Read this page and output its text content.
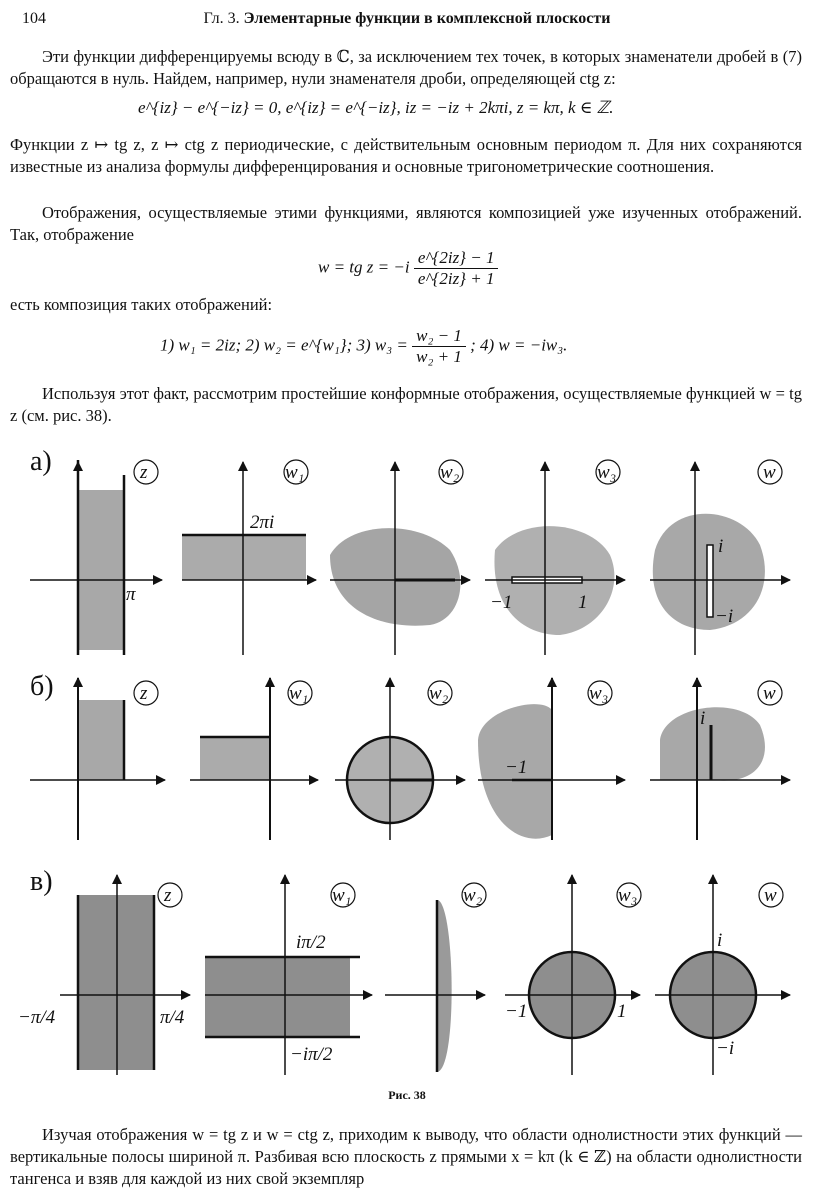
104	Гл. 3. Элементарные функции в комплексной плоскости
Эти функции дифференцируемы всюду в ℂ, за исключением тех точек, в которых знаменатели дробей в (7) обращаются в нуль. Найдем, например, нули знаменателя дроби, определяющей ctg z:
e^{iz} − e^{−iz} = 0, e^{iz} = e^{−iz}, iz = −iz + 2kπi, z = kπ, k ∈ ℤ.
Функции z ↦ tg z, z ↦ ctg z периодические, с действительным основным периодом π. Для них сохраняются известные из анализа формулы дифференцирования и основные тригонометрические соотношения.
Отображения, осуществляемые этими функциями, являются композицией уже изученных отображений. Так, отображение
w = tg $z = -i \frac{e\^{}\{2iz\} - 1}{e\^{}\{2iz\} + 1}$
есть композиция таких отображений:
1) w₁ = 2iz; 2) w₂ = e^{w₁}; 3) $w_3 = \frac{\text{w₂ − 1}}{\text{w₂ + 1}}$ ; 4) w = −iw₃.
Используя этот факт, рассмотрим простейшие конформные отображения, осуществляемые функцией w = tg z (см. рис. 38).
а)
б)
в)
z
π
w₁
2πi
w₂	w₃
−1	1
w
i
−i
z	w₁	w₂	w₃
−1
w
i
z
−π/4	π/4
w₁
iπ/2
−iπ/2
w₂	w₃
−1	1
w
i
−i
Рис. 38
Изучая отображения w = tg z и w = ctg z, приходим к выводу, что области однолистности этих функций — вертикальные полосы шириной π. Разбивая всю плоскость z прямыми x = kπ (k ∈ ℤ) на области однолистности тангенса и взяв для каждой из них свой экземпляр
